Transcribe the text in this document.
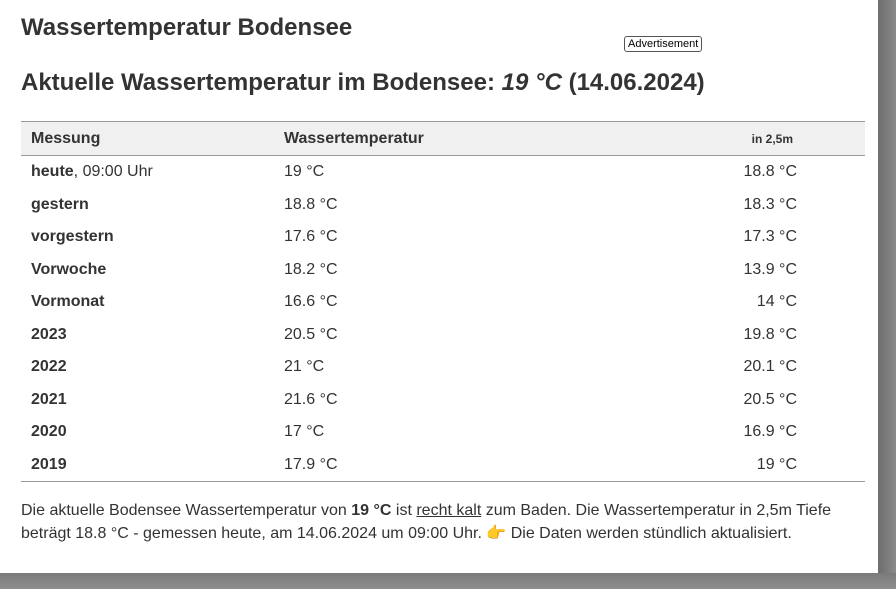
Wassertemperatur Bodensee
Advertisement
Aktuelle Wassertemperatur im Bodensee: 19 °C (14.06.2024)
Messung	Wassertemperatur	in 2,5m
heute, 09:00 Uhr	19 °C	18.8 °C
gestern	18.8 °C	18.3 °C
vorgestern	17.6 °C	17.3 °C
Vorwoche	18.2 °C	13.9 °C
Vormonat	16.6 °C	14 °C
2023	20.5 °C	19.8 °C
2022	21 °C	20.1 °C
2021	21.6 °C	20.5 °C
2020	17 °C	16.9 °C
2019	17.9 °C	19 °C

Die aktuelle Bodensee Wassertemperatur von 19 °C ist recht kalt zum Baden. Die Wassertemperatur in 2,5m Tiefe beträgt 18.8 °C - gemessen heute, am 14.06.2024 um 09:00 Uhr. 👉 Die Daten werden stündlich aktualisiert.
